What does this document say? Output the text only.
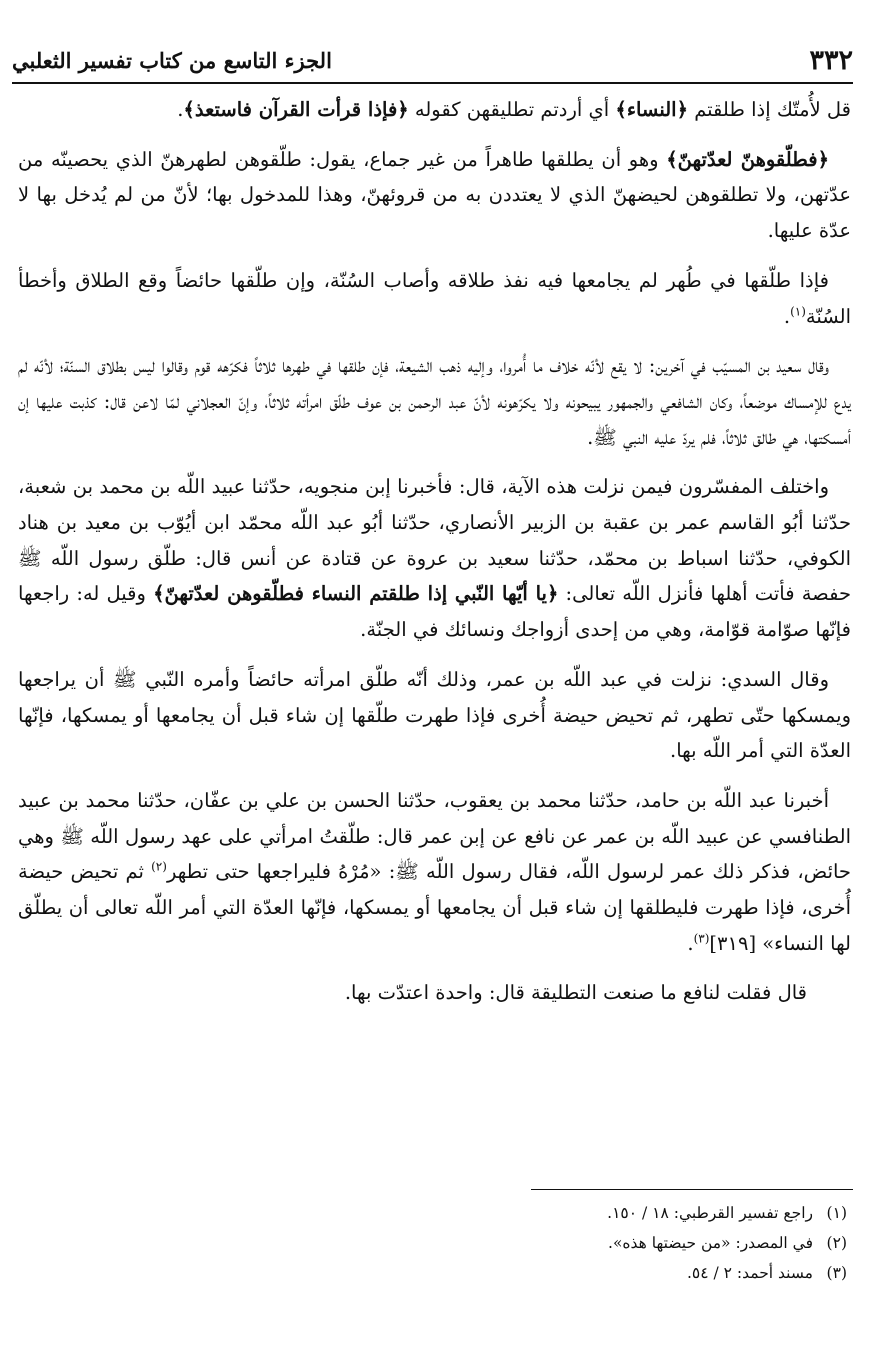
٣٣٢
الجزء التاسع من كتاب تفسير الثعلبي

قل لأُمتّك إذا طلقتم ﴿النساء﴾ أي أردتم تطليقهن كقوله ﴿فإذا قرأت القرآن فاستعذ﴾.

﴿فطلّقوهنّ لعدّتهنّ﴾ وهو أن يطلقها طاهراً من غير جماع، يقول: طلّقوهن لطهرهنّ الذي يحصينّه من عدّتهن، ولا تطلقوهن لحيضهنّ الذي لا يعتددن به من قروئهنّ، وهذا للمدخول بها؛ لأنّ من لم يُدخل بها لا عدّة عليها.

فإذا طلّقها في طُهر لم يجامعها فيه نفذ طلاقه وأصاب السُنّة، وإن طلّقها حائضاً وقع الطلاق وأخطأ السُنّة$^{(١)}$.

وقال سعيد بن المسيّب في آخرين: لا يقع لأنّه خلاف ما أُمروا، وإليه ذهب الشيعة، فإن طلقها في طهرها ثلاثاً فكرّهه قوم وقالوا ليس بطلاق السنّة؛ لأنّه لم يدع للإمساك موضعاً، وكان الشافعي والجمهور يبيحونه ولا يكرّهونه لأنّ عبد الرحمن بن عوف طلّق امرأته ثلاثاً، وإنّ العجلاني لمّا لاعن قال: كذبت عليها إن أمسكتها، هي طالق ثلاثاً، فلم يردّ عليه النبي ﷺ.

واختلف المفسّرون فيمن نزلت هذه الآية، قال: فأخبرنا إبن منجويه، حدّثنا عبيد اللّه بن محمد بن شعبة، حدّثنا أبُو القاسم عمر بن عقبة بن الزبير الأنصاري، حدّثنا أبُو عبد اللّه محمّد ابن أيُوّب بن معيد بن هناد الكوفي، حدّثنا اسباط بن محمّد، حدّثنا سعيد بن عروة عن قتادة عن أنس قال: طلّق رسول اللّه ﷺ حفصة فأتت أهلها فأنزل اللّه تعالى: ﴿يا أيّها النّبي إذا طلقتم النساء فطلّقوهن لعدّتهنّ﴾ وقيل له: راجعها فإنّها صوّامة قوّامة، وهي من إحدى أزواجك ونسائك في الجنّة.

وقال السدي: نزلت في عبد اللّه بن عمر، وذلك أنّه طلّق امرأته حائضاً وأمره النّبي ﷺ أن يراجعها ويمسكها حتّى تطهر، ثم تحيض حيضة أُخرى فإذا طهرت طلّقها إن شاء قبل أن يجامعها أو يمسكها، فإنّها العدّة التي أمر اللّه بها.

أخبرنا عبد اللّه بن حامد، حدّثنا محمد بن يعقوب، حدّثنا الحسن بن علي بن عفّان، حدّثنا محمد بن عبيد الطنافسي عن عبيد اللّه بن عمر عن نافع عن إبن عمر قال: طلّقتُ امرأتي على عهد رسول اللّه ﷺ وهي حائض، فذكر ذلك عمر لرسول اللّه، فقال رسول اللّه ﷺ: «مُرْهُ فليراجعها حتى تطهر$^{(٢)}$ ثم تحيض حيضة أُخرى، فإذا طهرت فليطلقها إن شاء قبل أن يجامعها أو يمسكها، فإنّها العدّة التي أمر اللّه تعالى أن يطلّق لها النساء» [٣١٩]$^{(٣)}$.

قال فقلت لنافع ما صنعت التطليقة قال: واحدة اعتدّت بها.

(١)راجع تفسير القرطبي: ١٨ / ١٥٠.
(٢)في المصدر: «من حيضتها هذه».
(٣)مسند أحمد: ٢ / ٥٤.
